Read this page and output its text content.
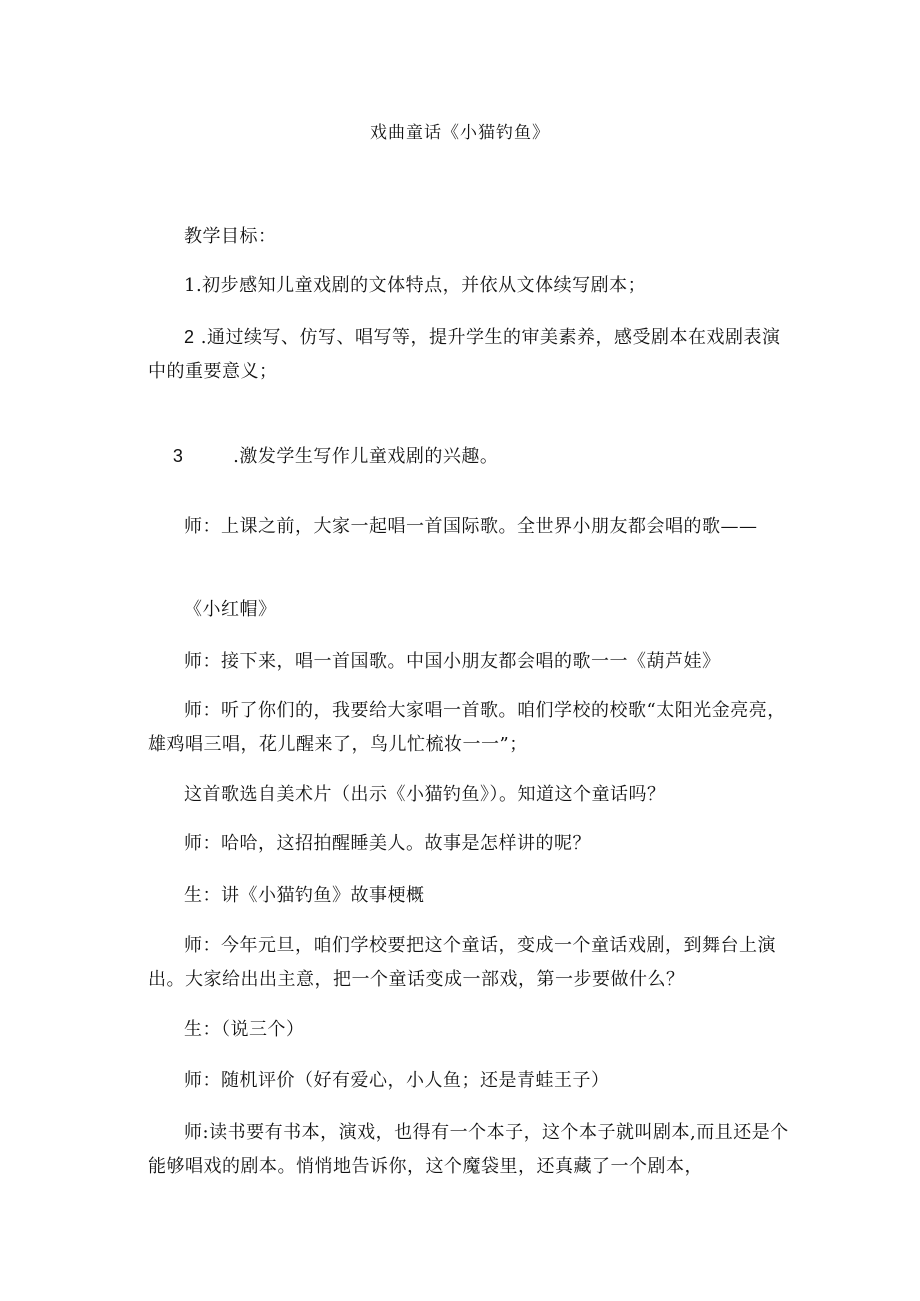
戏曲童话《小猫钓鱼》
教学目标：
1.初步感知儿童戏剧的文体特点，并依从文体续写剧本；
2 .通过续写、仿写、唱写等，提升学生的审美素养，感受剧本在戏剧表演中的重要意义；

3        .激发学生写作儿童戏剧的兴趣。

师：上课之前，大家一起唱一首国际歌。全世界小朋友都会唱的歌——
《小红帽》
师：接下来，唱一首国歌。中国小朋友都会唱的歌一一《葫芦娃》
师：听了你们的，我要给大家唱一首歌。咱们学校的校歌“太阳光金亮亮，雄鸡唱三唱，花儿醒来了，鸟儿忙梳妆一一”；
这首歌选自美术片（出示《小猫钓鱼》）。知道这个童话吗？
师：哈哈，这招拍醒睡美人。故事是怎样讲的呢？
生：讲《小猫钓鱼》故事梗概
师：今年元旦，咱们学校要把这个童话，变成一个童话戏剧，到舞台上演出。大家给出出主意，把一个童话变成一部戏，第一步要做什么？
生：（说三个）
师：随机评价（好有爱心，小人鱼；还是青蛙王子）
师:读书要有书本，演戏，也得有一个本子，这个本子就叫剧本,而且还是个能够唱戏的剧本。悄悄地告诉你，这个魔袋里，还真藏了一个剧本，
